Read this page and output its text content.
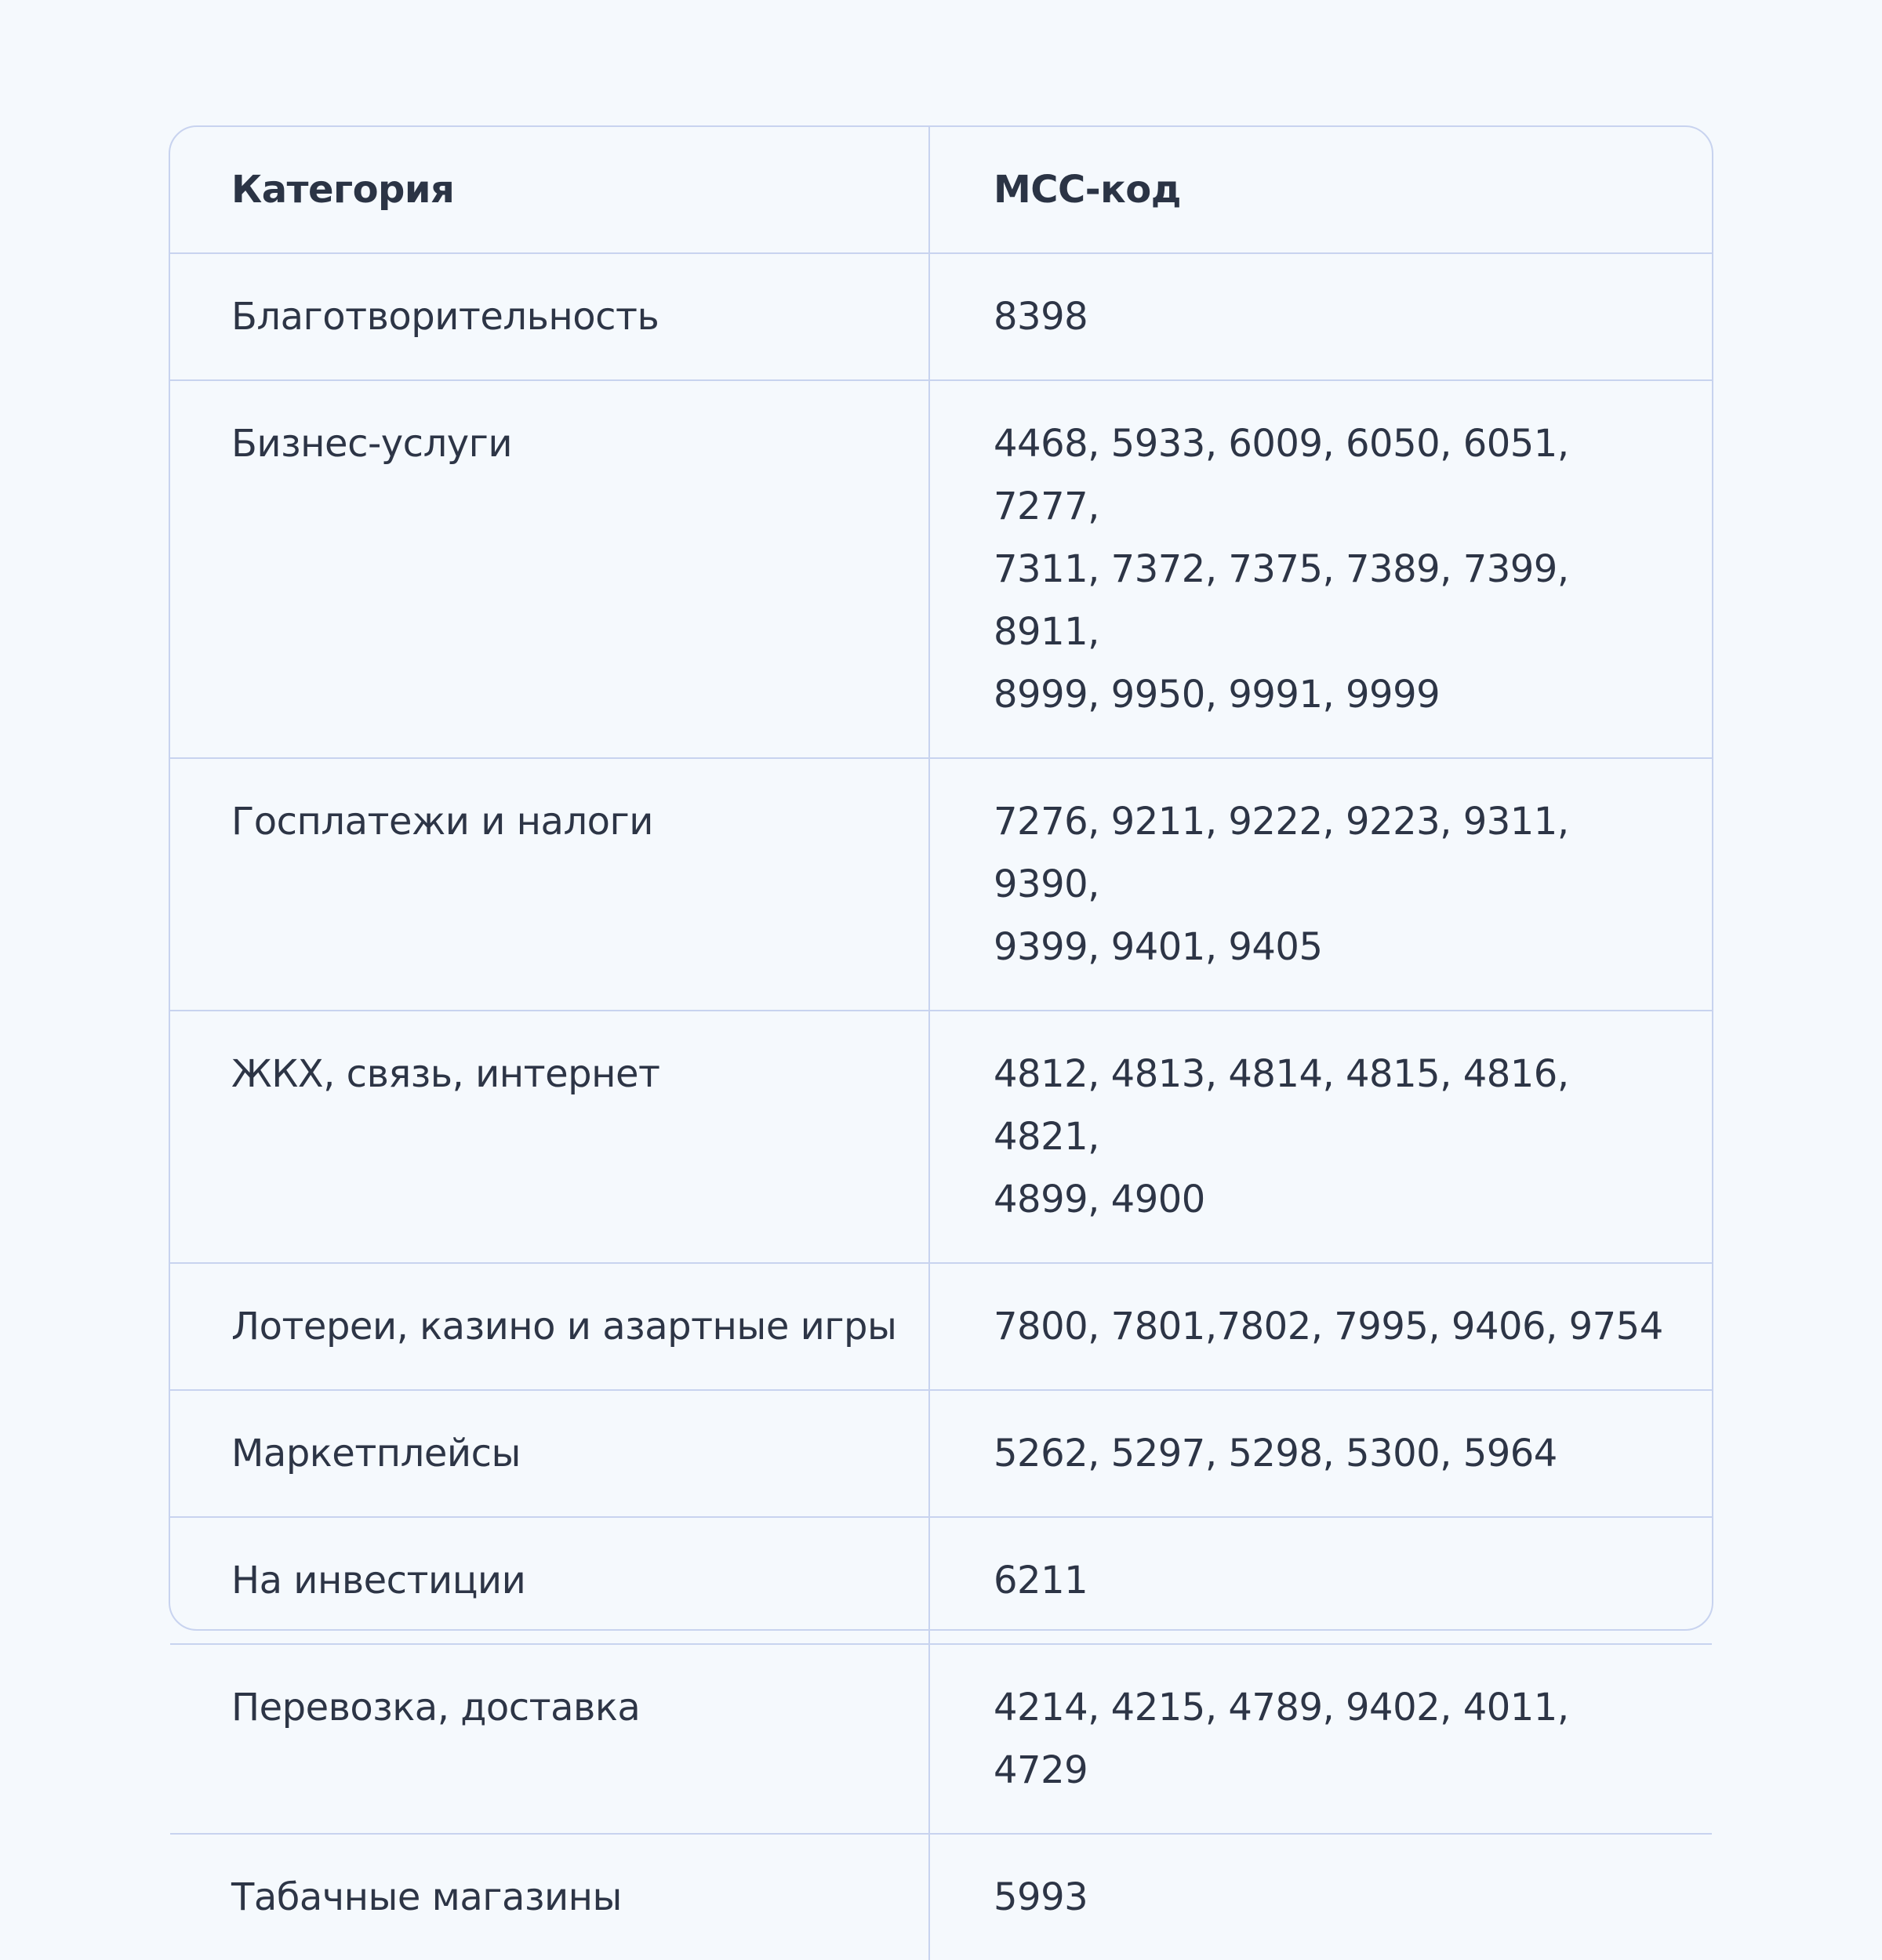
Категория	МСС-код
Благотворительность	8398
Бизнес-услуги	4468, 5933, 6009, 6050, 6051, 7277,
7311, 7372, 7375, 7389, 7399, 8911,
8999, 9950, 9991, 9999
Госплатежи и налоги	7276, 9211, 9222, 9223, 9311, 9390,
9399, 9401, 9405
ЖКХ, связь, интернет	4812, 4813, 4814, 4815, 4816, 4821,
4899, 4900
Лотереи, казино и азартные игры	7800, 7801,7802, 7995, 9406, 9754
Маркетплейсы	5262, 5297, 5298, 5300, 5964
На инвестиции	6211
Перевозка, доставка	4214, 4215, 4789, 9402, 4011, 4729
Табачные магазины	5993
